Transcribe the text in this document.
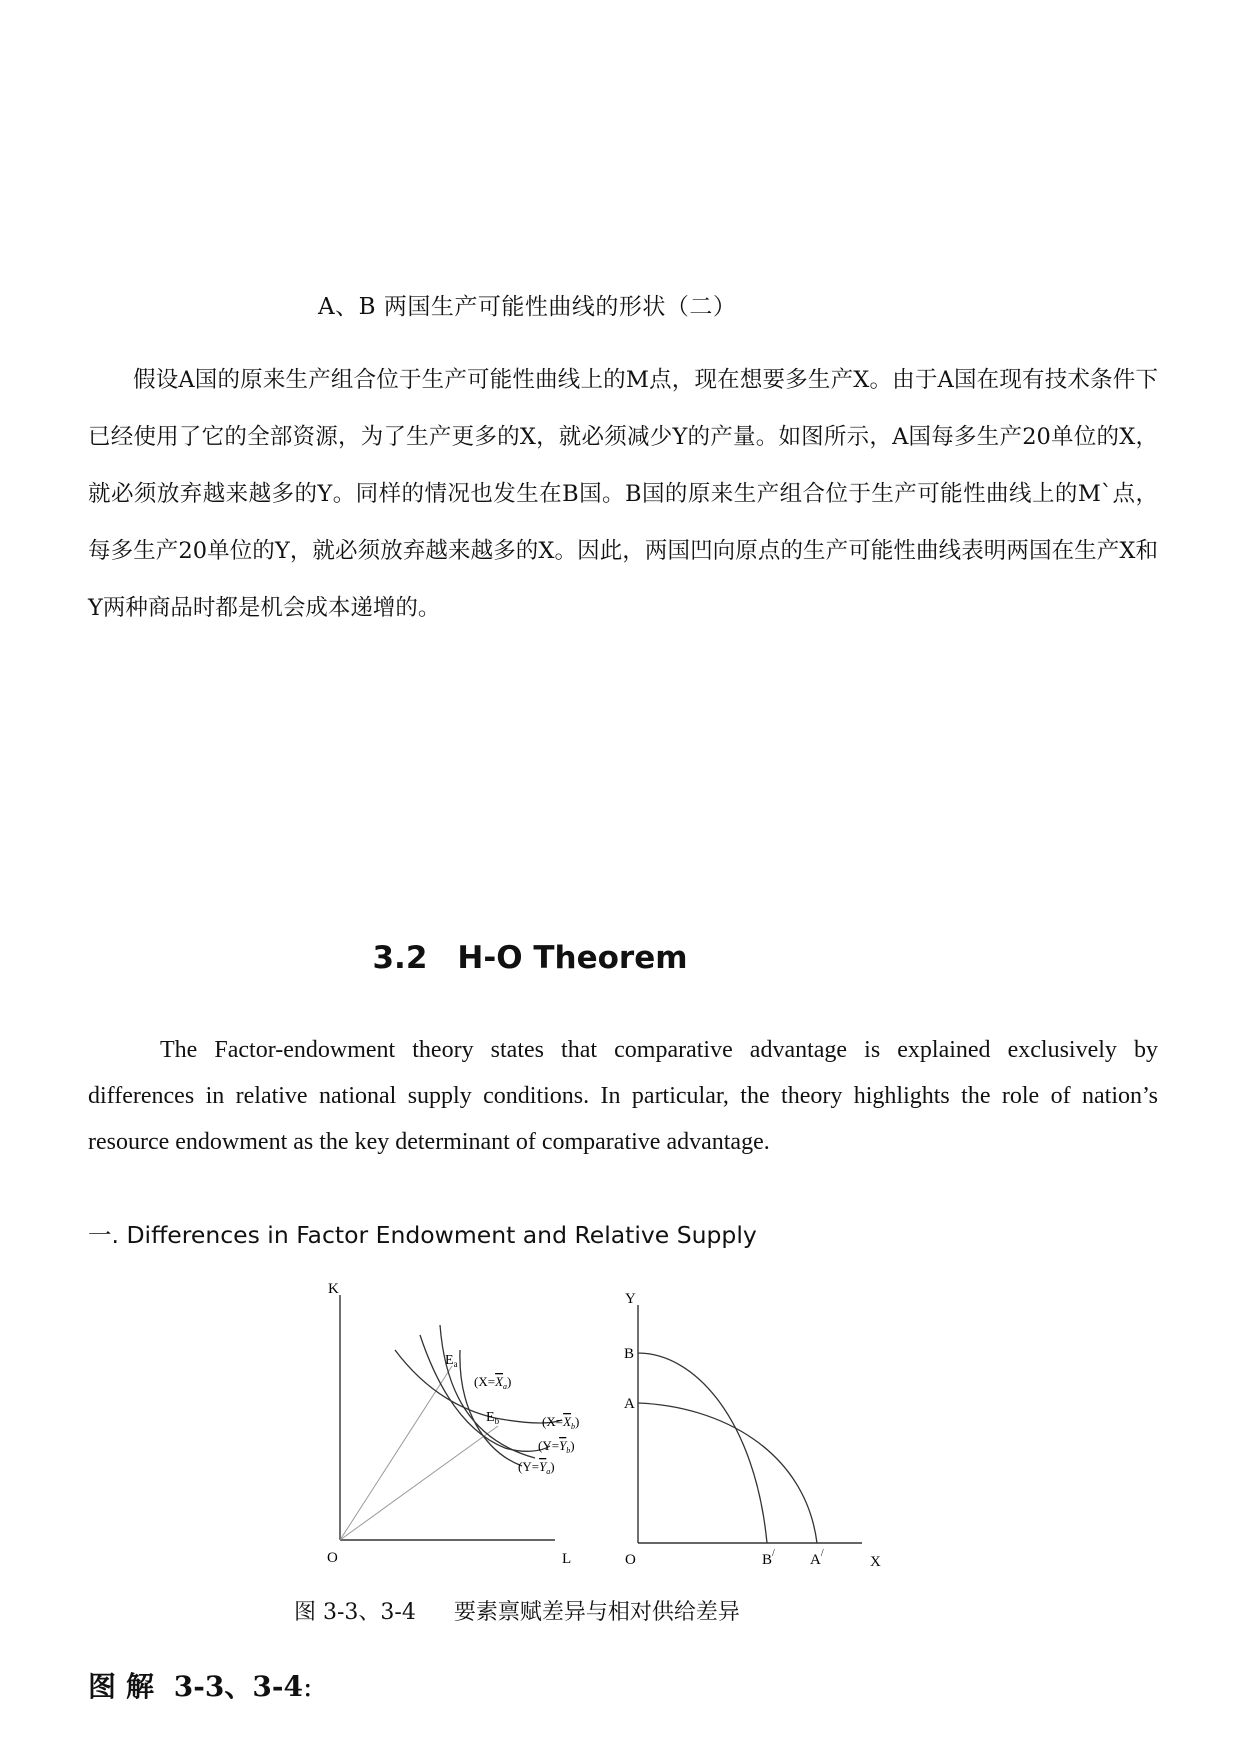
A、B 两国生产可能性曲线的形状（二）

假设A国的原来生产组合位于生产可能性曲线上的M点，现在想要多生产X。由于A国在现有技术条件下已经使用了它的全部资源，为了生产更多的X，就必须减少Y的产量。如图所示，A国每多生产20单位的X，就必须放弃越来越多的Y。同样的情况也发生在B国。B国的原来生产组合位于生产可能性曲线上的M`点，每多生产20单位的Y，就必须放弃越来越多的X。因此，两国凹向原点的生产可能性曲线表明两国在生产X和Y两种商品时都是机会成本递增的。

3.2 H-O Theorem

The Factor-endowment theory states that comparative advantage is explained exclusively by differences in relative national supply conditions. In particular, the theory highlights the role of nation’s resource endowment as the key determinant of comparative advantage.

一. Differences in Factor Endowment and Relative Supply
K
L
O
$E_a$
$E_b$
$(X=X_a)$
$(X=X_b)$
$(Y=Y_b)$
$(Y=Y_a)$
Y
X
O
B
A
B/ A/
图 3-3、3-4 要素禀赋差异与相对供给差异
图解 3-3、3-4:
